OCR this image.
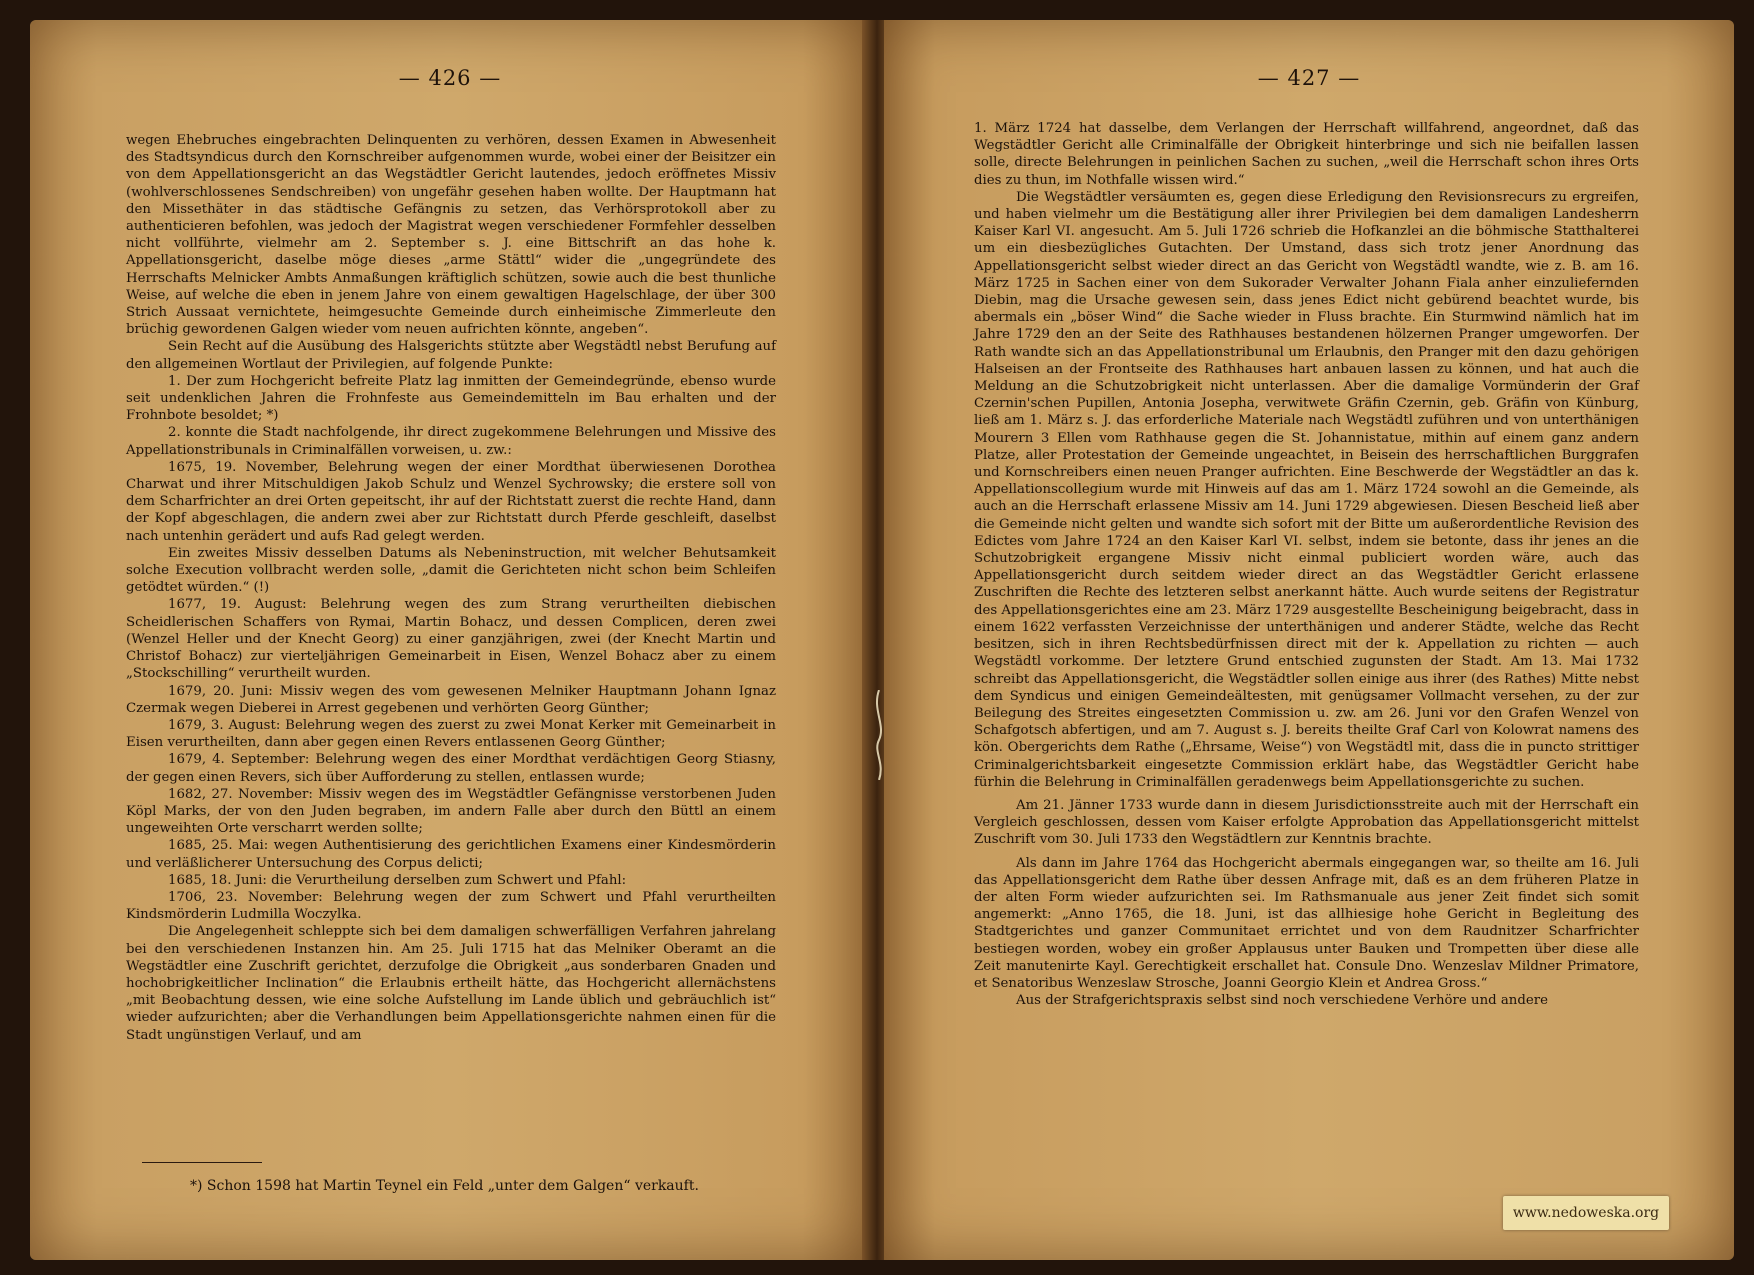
— 426 —

wegen Ehebruches eingebrachten Delinquenten zu verhören, dessen Examen in Abwesenheit des Stadtsyndicus durch den Kornschreiber aufgenommen wurde, wobei einer der Beisitzer ein von dem Appellationsgericht an das Wegstädtler Gericht lautendes, jedoch eröffnetes Missiv (wohlverschlossenes Sendschreiben) von ungefähr gesehen haben wollte. Der Hauptmann hat den Missethäter in das städtische Gefängnis zu setzen, das Verhörsprotokoll aber zu authenticieren befohlen, was jedoch der Magistrat wegen verschiedener Formfehler desselben nicht vollführte, vielmehr am 2. September s. J. eine Bittschrift an das hohe k. Appellationsgericht, daselbe möge dieses „arme Stättl“ wider die „ungegründete des Herrschafts Melnicker Ambts Anmaßungen kräftiglich schützen, sowie auch die best thunliche Weise, auf welche die eben in jenem Jahre von einem gewaltigen Hagelschlage, der über 300 Strich Aussaat vernichtete, heimgesuchte Gemeinde durch einheimische Zimmerleute den brüchig gewordenen Galgen wieder vom neuen aufrichten könnte, angeben“.

Sein Recht auf die Ausübung des Halsgerichts stützte aber Wegstädtl nebst Berufung auf den allgemeinen Wortlaut der Privilegien, auf folgende Punkte:

1. Der zum Hochgericht befreite Platz lag inmitten der Gemeindegründe, ebenso wurde seit undenklichen Jahren die Frohnfeste aus Gemeindemitteln im Bau erhalten und der Frohnbote besoldet; *)

2. konnte die Stadt nachfolgende, ihr direct zugekommene Belehrungen und Missive des Appellationstribunals in Criminalfällen vorweisen, u. zw.:

1675, 19. November, Belehrung wegen der einer Mordthat überwiesenen Dorothea Charwat und ihrer Mitschuldigen Jakob Schulz und Wenzel Sychrowsky; die erstere soll von dem Scharfrichter an drei Orten gepeitscht, ihr auf der Richtstatt zuerst die rechte Hand, dann der Kopf abgeschlagen, die andern zwei aber zur Richtstatt durch Pferde geschleift, daselbst nach untenhin gerädert und aufs Rad gelegt werden.

Ein zweites Missiv desselben Datums als Nebeninstruction, mit welcher Behutsamkeit solche Execution vollbracht werden solle, „damit die Gerichteten nicht schon beim Schleifen getödtet würden.“ (!)

1677, 19. August: Belehrung wegen des zum Strang verurtheilten diebischen Scheidlerischen Schaffers von Rymai, Martin Bohacz, und dessen Complicen, deren zwei (Wenzel Heller und der Knecht Georg) zu einer ganzjährigen, zwei (der Knecht Martin und Christof Bohacz) zur vierteljährigen Gemeinarbeit in Eisen, Wenzel Bohacz aber zu einem „Stockschilling“ verurtheilt wurden.

1679, 20. Juni: Missiv wegen des vom gewesenen Melniker Hauptmann Johann Ignaz Czermak wegen Dieberei in Arrest gegebenen und verhörten Georg Günther;

1679, 3. August: Belehrung wegen des zuerst zu zwei Monat Kerker mit Gemeinarbeit in Eisen verurtheilten, dann aber gegen einen Revers entlassenen Georg Günther;

1679, 4. September: Belehrung wegen des einer Mordthat verdächtigen Georg Stiasny, der gegen einen Revers, sich über Aufforderung zu stellen, entlassen wurde;

1682, 27. November: Missiv wegen des im Wegstädtler Gefängnisse verstorbenen Juden Köpl Marks, der von den Juden begraben, im andern Falle aber durch den Büttl an einem ungeweihten Orte verscharrt werden sollte;

1685, 25. Mai: wegen Authentisierung des gerichtlichen Examens einer Kindesmörderin und verläßlicherer Untersuchung des Corpus delicti;

1685, 18. Juni: die Verurtheilung derselben zum Schwert und Pfahl:

1706, 23. November: Belehrung wegen der zum Schwert und Pfahl verurtheilten Kindsmörderin Ludmilla Woczylka.

Die Angelegenheit schleppte sich bei dem damaligen schwerfälligen Verfahren jahrelang bei den verschiedenen Instanzen hin. Am 25. Juli 1715 hat das Melniker Oberamt an die Wegstädtler eine Zuschrift gerichtet, derzufolge die Obrigkeit „aus sonderbaren Gnaden und hochobrigkeitlicher Inclination“ die Erlaubnis ertheilt hätte, das Hochgericht allernächstens „mit Beobachtung dessen, wie eine solche Aufstellung im Lande üblich und gebräuchlich ist“ wieder aufzurichten; aber die Verhandlungen beim Appellationsgerichte nahmen einen für die Stadt ungünstigen Verlauf, und am

*) Schon 1598 hat Martin Teynel ein Feld „unter dem Galgen“ verkauft.
— 427 —

1. März 1724 hat dasselbe, dem Verlangen der Herrschaft willfahrend, angeordnet, daß das Wegstädtler Gericht alle Criminalfälle der Obrigkeit hinterbringe und sich nie beifallen lassen solle, directe Belehrungen in peinlichen Sachen zu suchen, „weil die Herrschaft schon ihres Orts dies zu thun, im Nothfalle wissen wird.“

Die Wegstädtler versäumten es, gegen diese Erledigung den Revisionsrecurs zu ergreifen, und haben vielmehr um die Bestätigung aller ihrer Privilegien bei dem damaligen Landesherrn Kaiser Karl VI. angesucht. Am 5. Juli 1726 schrieb die Hofkanzlei an die böhmische Statthalterei um ein diesbezügliches Gutachten. Der Umstand, dass sich trotz jener Anordnung das Appellationsgericht selbst wieder direct an das Gericht von Wegstädtl wandte, wie z. B. am 16. März 1725 in Sachen einer von dem Sukorader Verwalter Johann Fiala anher einzuliefernden Diebin, mag die Ursache gewesen sein, dass jenes Edict nicht gebürend beachtet wurde, bis abermals ein „böser Wind“ die Sache wieder in Fluss brachte. Ein Sturmwind nämlich hat im Jahre 1729 den an der Seite des Rathhauses bestandenen hölzernen Pranger umgeworfen. Der Rath wandte sich an das Appellationstribunal um Erlaubnis, den Pranger mit den dazu gehörigen Halseisen an der Frontseite des Rathhauses hart anbauen lassen zu können, und hat auch die Meldung an die Schutzobrigkeit nicht unterlassen. Aber die damalige Vormünderin der Graf Czernin'schen Pupillen, Antonia Josepha, verwitwete Gräfin Czernin, geb. Gräfin von Künburg, ließ am 1. März s. J. das erforderliche Materiale nach Wegstädtl zuführen und von unterthänigen Mourern 3 Ellen vom Rathhause gegen die St. Johannistatue, mithin auf einem ganz andern Platze, aller Protestation der Gemeinde ungeachtet, in Beisein des herrschaftlichen Burggrafen und Kornschreibers einen neuen Pranger aufrichten. Eine Beschwerde der Wegstädtler an das k. Appellationscollegium wurde mit Hinweis auf das am 1. März 1724 sowohl an die Gemeinde, als auch an die Herrschaft erlassene Missiv am 14. Juni 1729 abgewiesen. Diesen Bescheid ließ aber die Gemeinde nicht gelten und wandte sich sofort mit der Bitte um außerordentliche Revision des Edictes vom Jahre 1724 an den Kaiser Karl VI. selbst, indem sie betonte, dass ihr jenes an die Schutzobrigkeit ergangene Missiv nicht einmal publiciert worden wäre, auch das Appellationsgericht durch seitdem wieder direct an das Wegstädtler Gericht erlassene Zuschriften die Rechte des letzteren selbst anerkannt hätte. Auch wurde seitens der Registratur des Appellationsgerichtes eine am 23. März 1729 ausgestellte Bescheinigung beigebracht, dass in einem 1622 verfassten Verzeichnisse der unterthänigen und anderer Städte, welche das Recht besitzen, sich in ihren Rechtsbedürfnissen direct mit der k. Appellation zu richten — auch Wegstädtl vorkomme. Der letztere Grund entschied zugunsten der Stadt. Am 13. Mai 1732 schreibt das Appellationsgericht, die Wegstädtler sollen einige aus ihrer (des Rathes) Mitte nebst dem Syndicus und einigen Gemeindeältesten, mit genügsamer Vollmacht versehen, zu der zur Beilegung des Streites eingesetzten Commission u. zw. am 26. Juni vor den Grafen Wenzel von Schafgotsch abfertigen, und am 7. August s. J. bereits theilte Graf Carl von Kolowrat namens des kön. Obergerichts dem Rathe („Ehrsame, Weise“) von Wegstädtl mit, dass die in puncto strittiger Criminalgerichtsbarkeit eingesetzte Commission erklärt habe, das Wegstädtler Gericht habe fürhin die Belehrung in Criminalfällen geradenwegs beim Appellationsgerichte zu suchen.

Am 21. Jänner 1733 wurde dann in diesem Jurisdictionsstreite auch mit der Herrschaft ein Vergleich geschlossen, dessen vom Kaiser erfolgte Approbation das Appellationsgericht mittelst Zuschrift vom 30. Juli 1733 den Wegstädtlern zur Kenntnis brachte.

Als dann im Jahre 1764 das Hochgericht abermals eingegangen war, so theilte am 16. Juli das Appellationsgericht dem Rathe über dessen Anfrage mit, daß es an dem früheren Platze in der alten Form wieder aufzurichten sei. Im Rathsmanuale aus jener Zeit findet sich somit angemerkt: „Anno 1765, die 18. Juni, ist das allhiesige hohe Gericht in Begleitung des Stadtgerichtes und ganzer Communitaet errichtet und von dem Raudnitzer Scharfrichter bestiegen worden, wobey ein großer Applausus unter Bauken und Trompetten über diese alle Zeit manutenirte Kayl. Gerechtigkeit erschallet hat. Consule Dno. Wenzeslav Mildner Primatore, et Senatoribus Wenzeslaw Strosche, Joanni Georgio Klein et Andrea Gross.“

Aus der Strafgerichtspraxis selbst sind noch verschiedene Verhöre und andere

www.nedoweska.org
